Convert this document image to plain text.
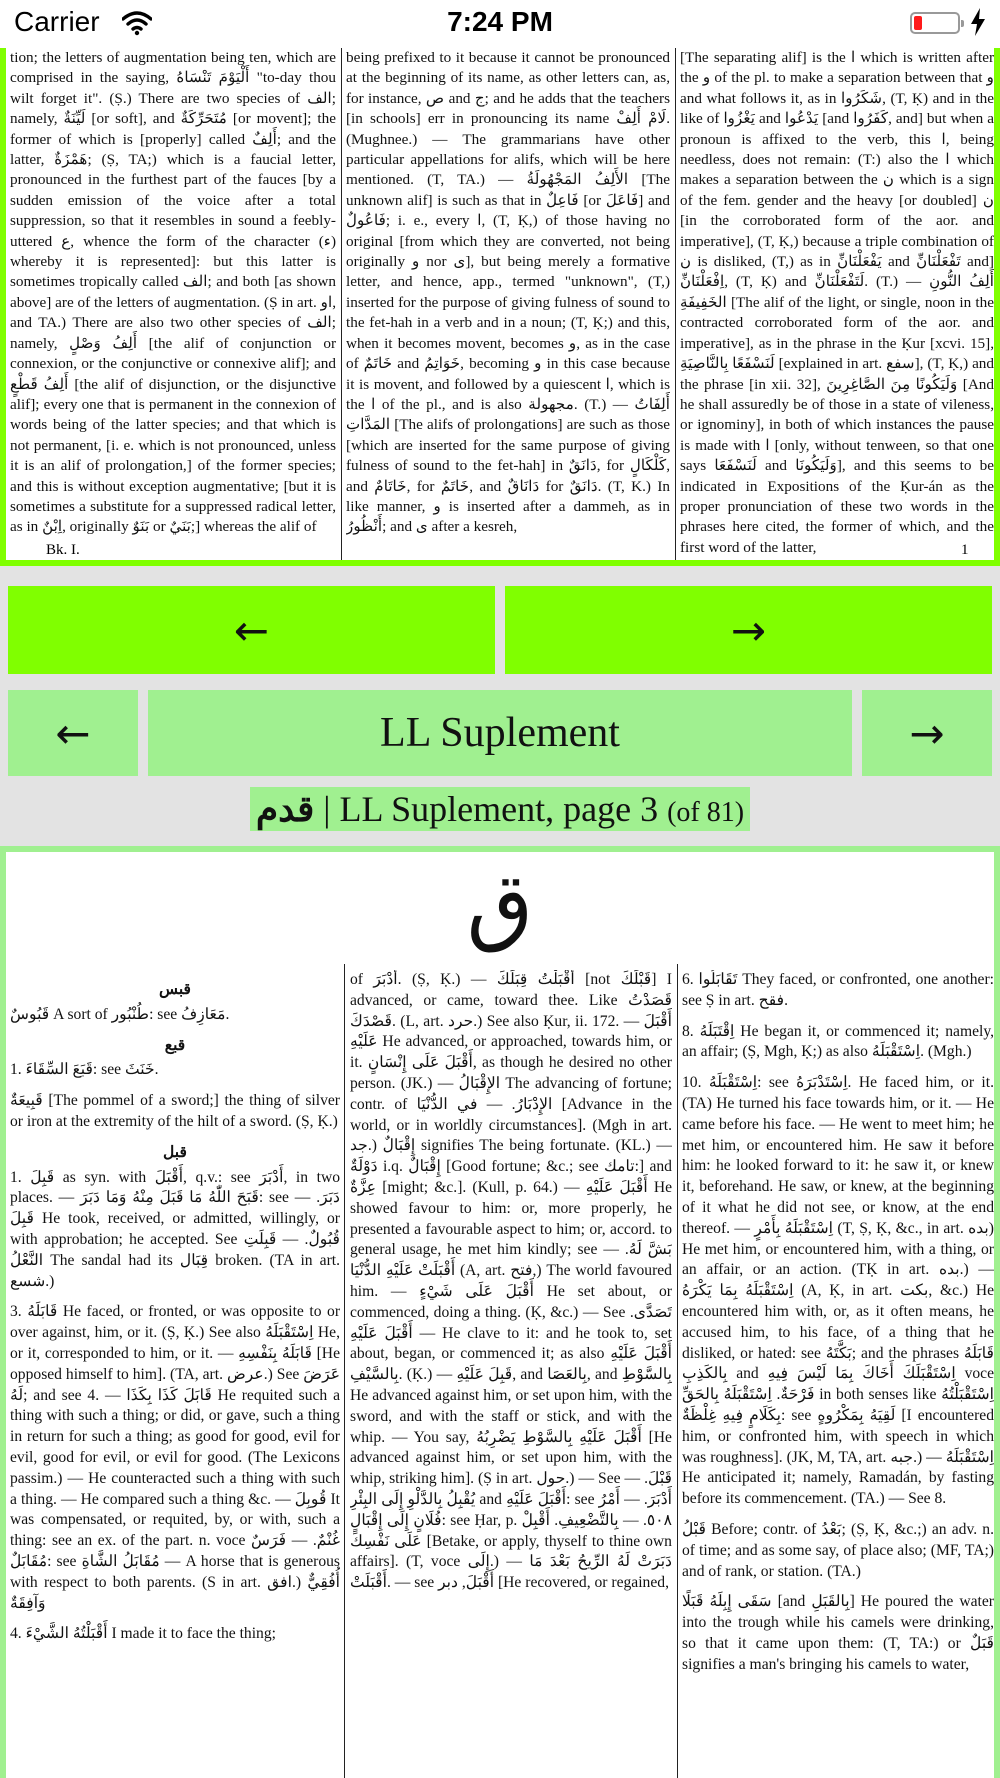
Carrier	7:24 PM
tion; the letters of augmentation being ten, which are comprised in the saying, أَلْيَوْمَ تَنْسَاهُ "to-day thou wilt forget it". (Ṣ.) There are two species of الف; namely, لَيِّنَةٌ [or soft], and مُتَحَرِّكَةٌ [or movent]; the former of which is [properly] called أَلِفٌ; and the latter, هَمْزَةٌ; (Ṣ, TA;) which is a faucial letter, pronounced in the furthest part of the fauces [by a sudden emission of the voice after a total suppression, so that it resembles in sound a feebly-uttered ع, whence the form of the character (ء) whereby it is represented]: but this latter is sometimes tropically called الف; and both [as shown above] are of the letters of augmentation. (Ṣ in art. او, and TA.) There are also two other species of الف; namely, أَلِفُ وَصْلٍ [the alif of conjunction or connexion, or the conjunctive or connexive alif]; and أَلِفُ قَطْعٍ [the alif of disjunction, or the disjunctive alif]; every one that is permanent in the connexion of words being of the latter species; and that which is not permanent, [i. e. which is not pronounced, unless it is an alif of prolongation,] of the former species; and this is without exception augmentative; [but it is sometimes a substitute for a suppressed radical letter, as in اِبْنٌ, originally بَنَوٌ or بَنَيٌ;] whereas the alif of
being prefixed to it because it cannot be pronounced at the beginning of its name, as other letters can, as, for instance, ص and ج; and he adds that the teachers [in schools] err in pronouncing its name لَامْ أَلِفْ. (Mughnee.) — The grammarians have other particular appellations for alifs, which will be here mentioned. (T, TA.) — الأَلِفُ المَجْهُولَةُ [The unknown alif] is such as that in فَاعِلٌ [or فَاعَلَ] and فَاعُولٌ; i. e., every ا, (T, Ḳ,) of those having no original [from which they are converted, not being originally و nor ى], but being merely a formative letter, and hence, app., termed "unknown", (T,) inserted for the purpose of giving fulness of sound to the fet-hah in a verb and in a noun; (T, Ḳ;) and this, when it becomes movent, becomes و, as in the case of خَاتَمٌ and خَوَاتِمُ, becoming و in this case because it is movent, and followed by a quiescent ا, which is the ا of the pl., and is also مجهولة. (T.) — أَلِفَاتُ المَدَّاتِ [The alifs of prolongations] are such as those [which are inserted for the same purpose of giving fulness of sound to the fet-hah] in دَانَقٌ, for كَلْكَالٍ, and خَاتَامٌ, for خَاتَمٌ, and دَانَاقٌ for دَانَقٌ. (T, K.) In like manner, و is inserted after a dammeh, as in أَنْظُورُ; and ى after a kesreh,
[The separating alif] is the ا which is written after the و of the pl. to make a separation between that و and what follows it, as in شَكَرُوا, (T, Ḳ) and in the like of يَغْزُوا and يَدْعُوا [and كَفَرُوا, and] but when a pronoun is affixed to the verb, this ا, being needless, does not remain: (T:) also the ا which makes a separation between the ن which is a sign of the fem. gender and the heavy [or doubled] ن [in the corroborated form of the aor. and imperative], (T, Ḳ,) because a triple combination of ن is disliked, (T,) as in يَفْعَلْنَانِّ and تَفْعَلْنَانِّ and] اِفْعَلْنَانِّ, (T, Ḳ) and لَتَفْعَلْنَانِّ. (T.) — أَلِفُ النُّونِ الخَفِيفَةِ [The alif of the light, or single, noon in the contracted corroborated form of the aor. and imperative], as in the phrase in the Ḳur [xcvi. 15], لَنَسْفَعًا بِالنَّاصِيَةِ [explained in art. سفع], (T, Ḳ,) and the phrase [in xii. 32], وَلَيَكُونًا مِنَ الصَّاغِرِينَ [And he shall assuredly be of those in a state of vileness, or ignominy], in both of which instances the pause is made with ا [only, without tenween, so that one says لَنَسْفَعَا and وَلَيَكُونَا], and this seems to be indicated in Expositions of the Ḳur-án as the proper pronunciation of these two words in the phrases here cited, the former of which, and the first word of the latter,
Bk. I.	1
←	→
←	LL Suplement	→
قدم | LL Suplement, page 3 (of 81)
ق
قبس

قَبُوسٌ A sort of طُنْبُور: see مَعَازِفُ.

قبع

1. قَبَعَ السِّقَاءَ: see خَنَثَ.

قَبِيعَةٌ [The pommel of a sword;] the thing of silver or iron at the extremity of the hilt of a sword. (Ṣ, Ḳ.)

قبل

1. قَبِلَ as syn. with أَقْبَلَ, q.v.: see أَدْبَرَ, in two places. — قَبَحَ اللّٰهُ مَا قَبَلَ مِنْهُ وَمَا دَبَرَ: see دَبَرَ. — قَبِلَ He took, received, or admitted, willingly, or with approbation; he accepted. See قُبُولٌ. — قَبِلَتِ النَّعْلُ The sandal had its قِبَال broken. (TA in art. شسع.)

3. قَابَلَهُ He faced, or fronted, or was opposite to or over against, him, or it. (Ṣ, Ḳ.) See also اِسْتَقْبَلَهُ He, or it, corresponded to him, or it. — قَابَلَهُ بِنَفْسِهِ [He opposed himself to him]. (TA, art. عرض.) See عَرَضَ لَهُ; and see 4. — قَابَلَ كَذَا بِكَذَا He requited such a thing with such a thing; or did, or gave, such a thing in return for such a thing; as good for good, evil for evil, good for evil, or evil for good. (The Lexicons passim.) — He counteracted such a thing with such a thing. — He compared such a thing &c. — قُوبِلَ It was compensated, or requited, by, or with, such a thing: see an ex. of the part. n. voce غُنْمٌ. — فَرَسٌ مُقَابَلٌ: see مُقَابَلُ الشَّاةِ — A horse that is generous with respect to both parents. (S in art. افق.) أُفُقِيٌّ وَآفِقَةٌ

4. أَقْبَلْتُهُ الشَّيْءَ I made it to face the thing;

of أَدْبَرَ. (Ṣ, Ḳ.) — أَقْبَلْتُ قِبَلَكَ [not قَبْلَكَ] I advanced, or came, toward thee. Like قَصَدْتُ قَصْدَكَ. (L, art. حرد.) See also Ḳur, ii. 172. — أَقْبَلَ عَلَيْهِ He advanced, or approached, towards him, or it. أَقْبَلَ عَلَى إِنْسَانٍ, as though he desired no other person. (JK.) — الإِقْبَالُ The advancing of fortune; contr. of الإِدْبَارُ. — في الدُّنْيَا [Advance in the world, or in worldly circumstances]. (Mgh in art. جد.) إِقْبَالٌ signifies The being fortunate. (KL.) — دَوْلَةٌ i.q. إِقْبَالٌ [Good fortune; &c.; see تامك:] and عِزَّةٌ [might; &c.]. (Kull, p. 64.) — أَقْبَلَ عَلَيْهِ He showed favour to him: or, more properly, he presented a favourable aspect to him; or, accord. to general usage, he met him kindly; see بَشَّ لَهُ. — أَقْبَلَتْ عَلَيْهِ الدُّنْيَا (A, art. فتح,) The world favoured him. — أَقْبَلَ عَلَى شَيْءٍ He set about, or commenced, doing a thing. (Ḳ, &c.) — See تَصَدَّى. — أَقْبَلَ عَلَيْهِ He clave to it: and he took to, set about, began, or commenced it; as also أَقْبَلَ عَلَيْهِ بِالسَّيْفِ. (Ḳ.) — قَبِلَ عَلَيْهِ, and بِالعَصَا, and بِالسَّوْطِ He advanced against him, or set upon him, with the sword, and with the staff or stick, and with the whip. — You say, أَقْبَلَ عَلَيْهِ بِالسَّوْطِ يَضْرِبُهُ [He advanced against him, or set upon him, with the whip, striking him]. (Ṣ in art. حول.) — See قَبْلَ. — يُقْبِلُ بِالدَّلْوِ إِلَى البِئْرِ and أَقْبَلَ عَلَيْهِ: see أَدْبَرَ. — أَمْرُ فُلَانٍ إِلَى إِقْبَالٍ: see Ḥar, p. ٥٠٨. — بِالتَّضْعِيفِ. أَقْبِلْ عَلَى نَفْسِكَ [Betake, or apply, thyself to thine own affairs]. (T, voce إِلَى.) — دَبَرَتْ لَهُ الرِّيحُ بَعْدَ مَا أَقْبَلَتْ. — see أَقْبَلَ, دبر [He recovered, or regained,

6. تَقَابَلُوا They faced, or confronted, one another: see Ṣ in art. فقح.

8. اِقْتَبَلَهُ He began it, or commenced it; namely, an affair; (Ṣ, Mgh, Ḳ;) as also اِسْتَقْبَلَهُ. (Mgh.)

10. اِسْتَقْبَلَهُ: see اِسْتَدْبَرَهُ. He faced him, or it. (TA) He turned his face towards him, or it. — He came before his face. — He went to meet him; he met him, or encountered him. He saw it before him: he looked forward to it: he saw it, or knew it, beforehand. He saw, or knew, at the beginning of it what he did not see, or know, at the end thereof. — اِسْتَقْبَلَهُ بِأَمْرٍ (T, Ṣ, Ḳ, &c., in art. بده) He met him, or encountered him, with a thing, or an affair, or an action. (TḲ in art. بده.) — اِسْتَقْبَلَهُ بِمَا يَكْرَهُ (A, Ḳ, in art. بكت, &c.) He encountered him with, or, as it often means, he accused him, to his face, of a thing that he disliked, or hated: see بَكَّتَهُ; and the phrases قَابَلَهُ بِالكَذِبِ and اِسْتَقْبَلَكَ أَخَاكَ بِمَا لَيْسَ فِيهِ voce فَرْحَةٌ. اِسْتَقْبَلَهُ بِالحَقِّ in both senses like اِسْتَقْبَلْتُهُ بِكَلَامٍ فِيهِ غِلْظَةٌ: see لَقِيَهُ بِمَكْرُوهٍ [I encountered him, or confronted him, with speech in which was roughness]. (JK, M, TA, art. جبه.) — اِسْتَقْبَلَهُ He anticipated it; namely, Ramadán, by fasting before its commencement. (TA.) — See 8.

قَبْلُ Before; contr. of بَعْدُ; (Ṣ, Ḳ, &c.;) an adv. n. of time; and as some say, of place also; (MF, TA;) and of rank, or station. (TA.)

سَقَى إِبِلَهُ قَبَلًا [and بِالقَبَلِ] He poured the water into the trough while his camels were drinking, so that it came upon them: (T, TA:) or قَبَلٌ signifies a man's bringing his camels to water,
